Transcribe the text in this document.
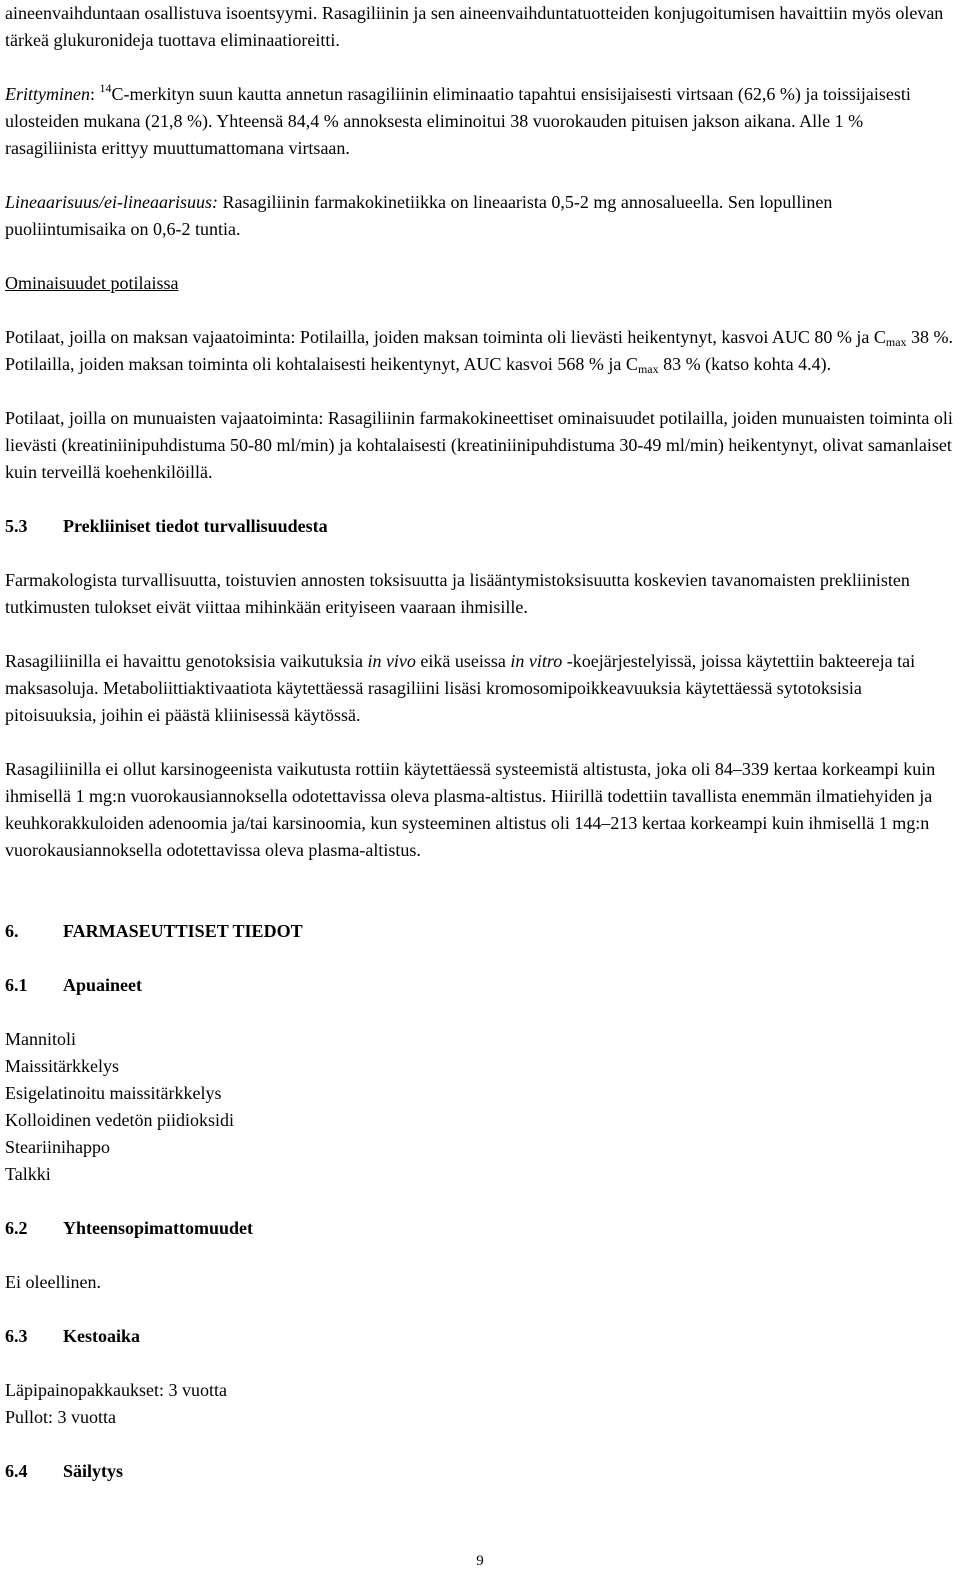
aineenvaihduntaan osallistuva isoentsyymi. Rasagiliinin ja sen aineenvaihduntatuotteiden konjugoitumisen havaittiin myös olevan tärkeä glukuronideja tuottava eliminaatioreitti.

Erittyminen: $^{14}$C-merkityn suun kautta annetun rasagiliinin eliminaatio tapahtui ensisijaisesti virtsaan (62,6 %) ja toissijaisesti ulosteiden mukana (21,8 %). Yhteensä 84,4 % annoksesta eliminoitui 38 vuorokauden pituisen jakson aikana. Alle 1 % rasagiliinista erittyy muuttumattomana virtsaan.

Lineaarisuus/ei-lineaarisuus: Rasagiliinin farmakokinetiikka on lineaarista 0,5-2 mg annosalueella. Sen lopullinen puoliintumisaika on 0,6-2 tuntia.

Ominaisuudet potilaissa

Potilaat, joilla on maksan vajaatoiminta: Potilailla, joiden maksan toiminta oli lievästi heikentynyt, kasvoi AUC 80 % ja $C_{max}$ 38 %. Potilailla, joiden maksan toiminta oli kohtalaisesti heikentynyt, AUC kasvoi 568 % ja $C_{max}$ 83 % (katso kohta 4.4).

Potilaat, joilla on munuaisten vajaatoiminta: Rasagiliinin farmakokineettiset ominaisuudet potilailla, joiden munuaisten toiminta oli lievästi (kreatiniinipuhdistuma 50-80 ml/min) ja kohtalaisesti (kreatiniinipuhdistuma 30-49 ml/min) heikentynyt, olivat samanlaiset kuin terveillä koehenkilöillä.

5.3	Prekliiniset tiedot turvallisuudesta

Farmakologista turvallisuutta, toistuvien annosten toksisuutta ja lisääntymistoksisuutta koskevien tavanomaisten prekliinisten tutkimusten tulokset eivät viittaa mihinkään erityiseen vaaraan ihmisille.

Rasagiliinilla ei havaittu genotoksisia vaikutuksia in vivo eikä useissa in vitro -koejärjestelyissä, joissa käytettiin bakteereja tai maksasoluja. Metaboliittiaktivaatiota käytettäessä rasagiliini lisäsi kromosomipoikkeavuuksia käytettäessä sytotoksisia pitoisuuksia, joihin ei päästä kliinisessä käytössä.

Rasagiliinilla ei ollut karsinogeenista vaikutusta rottiin käytettäessä systeemistä altistusta, joka oli 84–339 kertaa korkeampi kuin ihmisellä 1 mg:n vuorokausiannoksella odotettavissa oleva plasma-altistus. Hiirillä todettiin tavallista enemmän ilmatiehyiden ja keuhkorakkuloiden adenoomia ja/tai karsinoomia, kun systeeminen altistus oli 144–213 kertaa korkeampi kuin ihmisellä 1 mg:n vuorokausiannoksella odotettavissa oleva plasma-altistus.

6.	FARMASEUTTISET TIEDOT
6.1	Apuaineet
Mannitoli
Maissitärkkelys
Esigelatinoitu maissitärkkelys
Kolloidinen vedetön piidioksidi
Steariinihappo
Talkki
6.2	Yhteensopimattomuudet

Ei oleellinen.

6.3	Kestoaika
Läpipainopakkaukset: 3 vuotta
Pullot: 3 vuotta
6.4	Säilytys
9
